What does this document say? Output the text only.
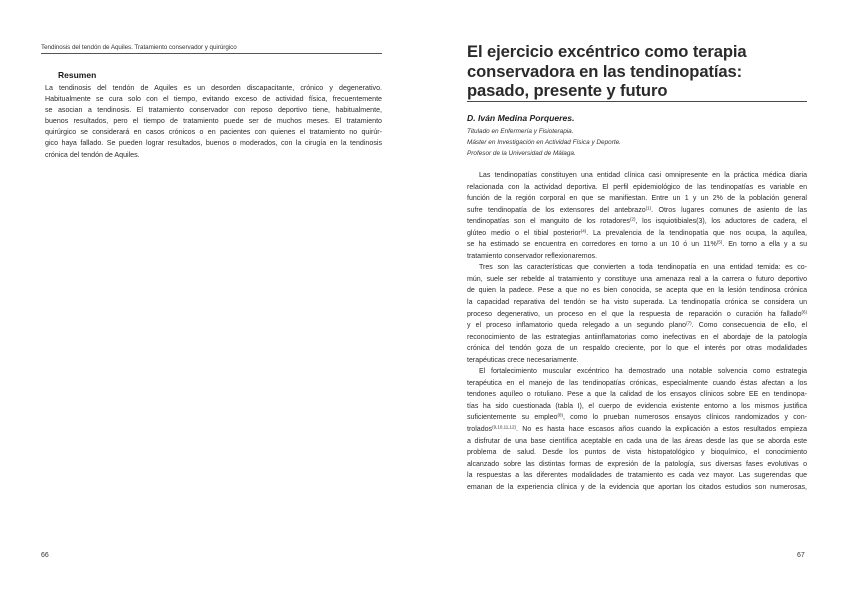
Tendinosis del tendón de Aquiles. Tratamiento conservador y quirúrgico
Resumen

La tendinosis del tendón de Aquiles es un desorden discapacitante, crónico y degenerativo.
Habitualmente se cura solo con el tiempo, evitando exceso de actividad física, frecuentemente
se asocian a tendinosis. El tratamiento conservador con reposo deportivo tiene, habitualmente,
buenos resultados, pero el tiempo de tratamiento puede ser de muchos meses. El tratamiento
quirúrgico se considerará en casos crónicos o en pacientes con quienes el tratamiento no quirúr-
gico haya fallado. Se pueden lograr resultados, buenos o moderados, con la cirugía en la tendinosis
crónica del tendón de Aquiles.

66
El ejercicio excéntrico como terapia
conservadora en las tendinopatías:
pasado, presente y futuro
D. Iván Medina Porqueres.
Titulado en Enfermería y Fisioterapia.
Máster en Investigación en Actividad Física y Deporte.
Profesor de la Universidad de Málaga.
Las tendinopatías constituyen una entidad clínica casi omnipresente en la práctica médica diaria
relacionada con la actividad deportiva. El perfil epidemiológico de las tendinopatías es variable en
función de la región corporal en que se manifiestan. Entre un 1 y un 2% de la población general
sufre tendinopatía de los extensores del antebrazo$^{(1)}$. Otros lugares comunes de asiento de las
tendinopatías son el manguito de los rotadores$^{(2)}$, los isquiotibiales(3), los aductores de cadera, el
glúteo medio o el tibial posterior$^{(4)}$. La prevalencia de la tendinopatía que nos ocupa, la aquílea,
se ha estimado se encuentra en corredores en torno a un 10 ó un 11%$^{(5)}$. En torno a ella y a su
tratamiento conservador reflexionaremos.
Tres son las características que convierten a toda tendinopatía en una entidad temida: es co-
mún, suele ser rebelde al tratamiento y constituye una amenaza real a la carrera o futuro deportivo
de quien la padece. Pese a que no es bien conocida, se acepta que en la lesión tendinosa crónica
la capacidad reparativa del tendón se ha visto superada. La tendinopatía crónica se considera un
proceso degenerativo, un proceso en el que la respuesta de reparación o curación ha fallado$^{(6)}$
y el proceso inflamatorio queda relegado a un segundo plano$^{(7)}$. Como consecuencia de ello, el
reconocimiento de las estrategias antiinflamatorias como inefectivas en el abordaje de la patología
crónica del tendón goza de un respaldo creciente, por lo que el interés por otras modalidades
terapéuticas crece necesariamente.
El fortalecimiento muscular excéntrico ha demostrado una notable solvencia como estrategia
terapéutica en el manejo de las tendinopatías crónicas, especialmente cuando éstas afectan a los
tendones aquíleo o rotuliano. Pese a que la calidad de los ensayos clínicos sobre EE en tendinopa-
tías ha sido cuestionada (tabla I), el cuerpo de evidencia existente entorno a los mismos justifica
suficientemente su empleo$^{(8)}$, como lo prueban numerosos ensayos clínicos randomizados y con-
trolados$^{(9,10,11,12)}$. No es hasta hace escasos años cuando la explicación a estos resultados empieza
a disfrutar de una base científica aceptable en cada una de las áreas desde las que se aborda este
problema de salud. Desde los puntos de vista histopatológico y bioquímico, el conocimiento
alcanzado sobre las distintas formas de expresión de la patología, sus diversas fases evolutivas o
la respuestas a las diferentes modalidades de tratamiento es cada vez mayor. Las sugerendas que
emanan de la experiencia clínica y de la evidencia que aportan los citados estudios son numerosas,
67
